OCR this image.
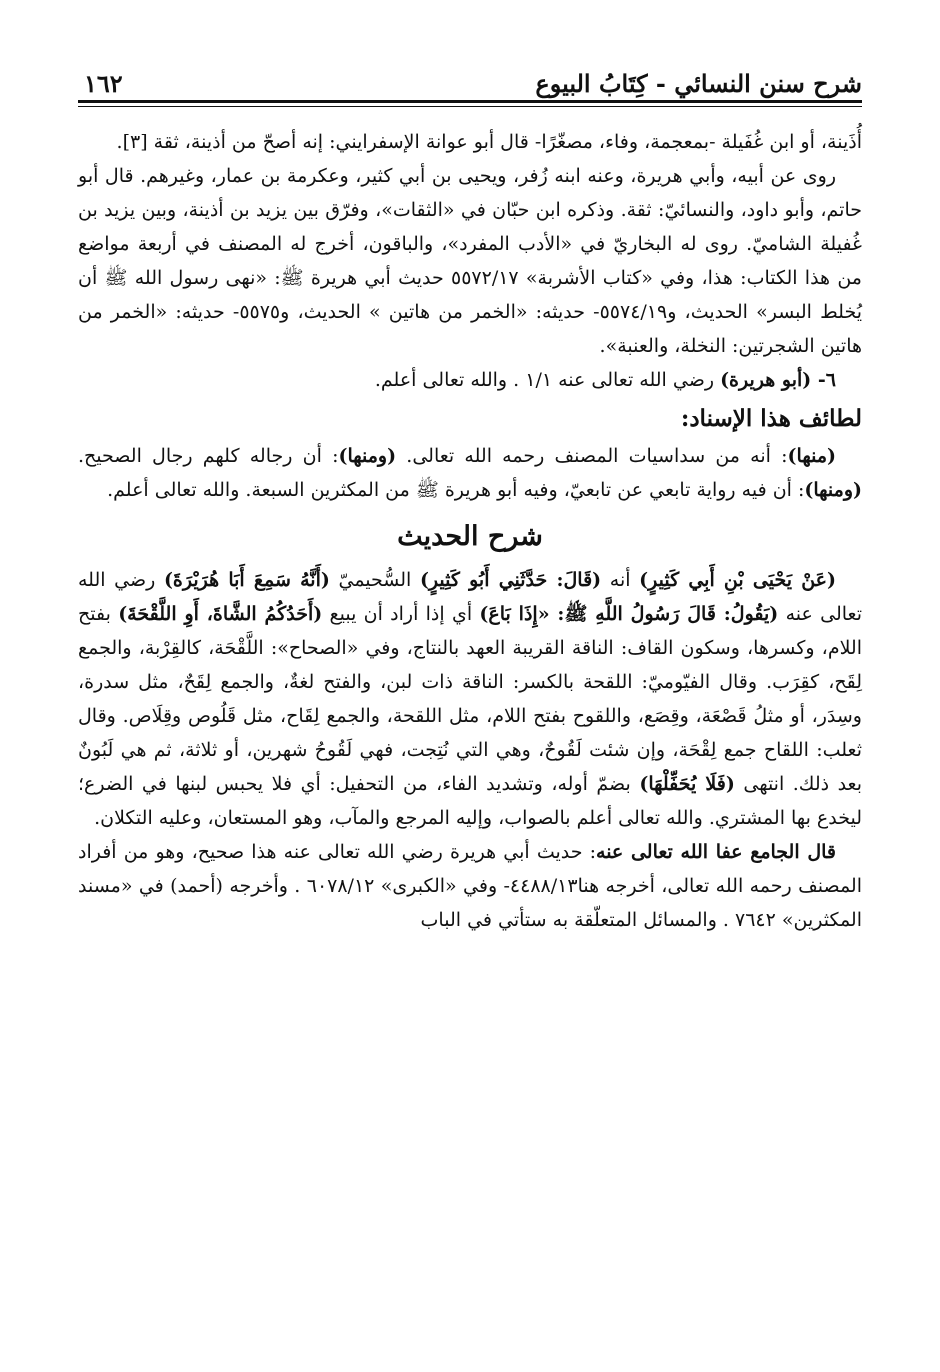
شرح سنن النسائي - كِتَابُ البيوع
١٦٢

أُذَينة، أو ابن غُفَيلة -بمعجمة، وفاء، مصغّرًا- قال أبو عوانة الإسفرايني: إنه أصحّ من أذينة، ثقة [٣].

روى عن أبيه، وأبي هريرة، وعنه ابنه زُفر، ويحيى بن أبي كثير، وعكرمة بن عمار، وغيرهم. قال أبو حاتم، وأبو داود، والنسائيّ: ثقة. وذكره ابن حبّان في «الثقات»، وفرّق بين يزيد بن أذينة، وبين يزيد بن غُفيلة الشاميّ. روى له البخاريّ في «الأدب المفرد»، والباقون، أخرج له المصنف في أربعة مواضع من هذا الكتاب: هذا، وفي «كتاب الأشربة» ٥٥٧٢/١٧ حديث أبي هريرة ﷺ: «نهى رسول الله ﷺ أن يُخلط البسر» الحديث، و٥٥٧٤/١٩- حديثه: «الخمر من هاتين » الحديث، و٥٥٧٥- حديثه: «الخمر من هاتين الشجرتين: النخلة، والعنبة».

٦- (أبو هريرة) رضي الله تعالى عنه ١/١ . والله تعالى أعلم.

لطائف هذا الإسناد:

(منها): أنه من سداسيات المصنف رحمه الله تعالى. (ومنها): أن رجاله كلهم رجال الصحيح. (ومنها): أن فيه رواية تابعي عن تابعيّ، وفيه أبو هريرة ﷺ من المكثرين السبعة. والله تعالى أعلم.

شرح الحديث

(عَنْ يَحْيَى بْنِ أَبِي كَثِيرٍ) أنه (قَالَ: حَدَّثَنِي أَبُو كَثِيرٍ) السُّحيميّ (أَنَّهُ سَمِعَ أَبَا هُرَيْرَةَ) رضي الله تعالى عنه (يَقُولُ: قَالَ رَسُولُ اللَّهِ ﷺ: «إِذَا بَاعَ) أي إذا أراد أن يبيع (أَحَدُكُمُ الشَّاةَ، أَوِ اللَّقْحَةَ) بفتح اللام، وكسرها، وسكون القاف: الناقة القريبة العهد بالنتاج، وفي «الصحاح»: اللَّقْحَة، كالقِرْبة، والجمع لِقَح، كقِرَب. وقال الفيّوميّ: اللقحة بالكسر: الناقة ذات لبن، والفتح لغةٌ، والجمع لِقَحٌ، مثل سدرة، وسِدَر، أو مثلُ قَصْعَة، وقِصَع، واللقوح بفتح اللام، مثل اللقحة، والجمع لِقَاح، مثل قَلُوص وقِلَاص. وقال ثعلب: اللقاح جمع لِقْحَة، وإن شئت لَقُوحٌ، وهي التي نُتِجت، فهي لَقُوحُ شهرين، أو ثلاثة، ثم هي لَبُونٌ بعد ذلك. انتهى (فَلَا يُحَفِّلْهَا) بضمّ أوله، وتشديد الفاء، من التحفيل: أي فلا يحبس لبنها في الضرع؛ ليخدع بها المشتري. والله تعالى أعلم بالصواب، وإليه المرجع والمآب، وهو المستعان، وعليه التكلان.

قال الجامع عفا الله تعالى عنه: حديث أبي هريرة رضي الله تعالى عنه هذا صحيح، وهو من أفراد المصنف رحمه الله تعالى، أخرجه هنا٤٤٨٨/١٣- وفي «الكبرى» ٦٠٧٨/١٢ . وأخرجه (أحمد) في «مسند المكثرين» ٧٦٤٢ . والمسائل المتعلّقة به ستأتي في الباب
